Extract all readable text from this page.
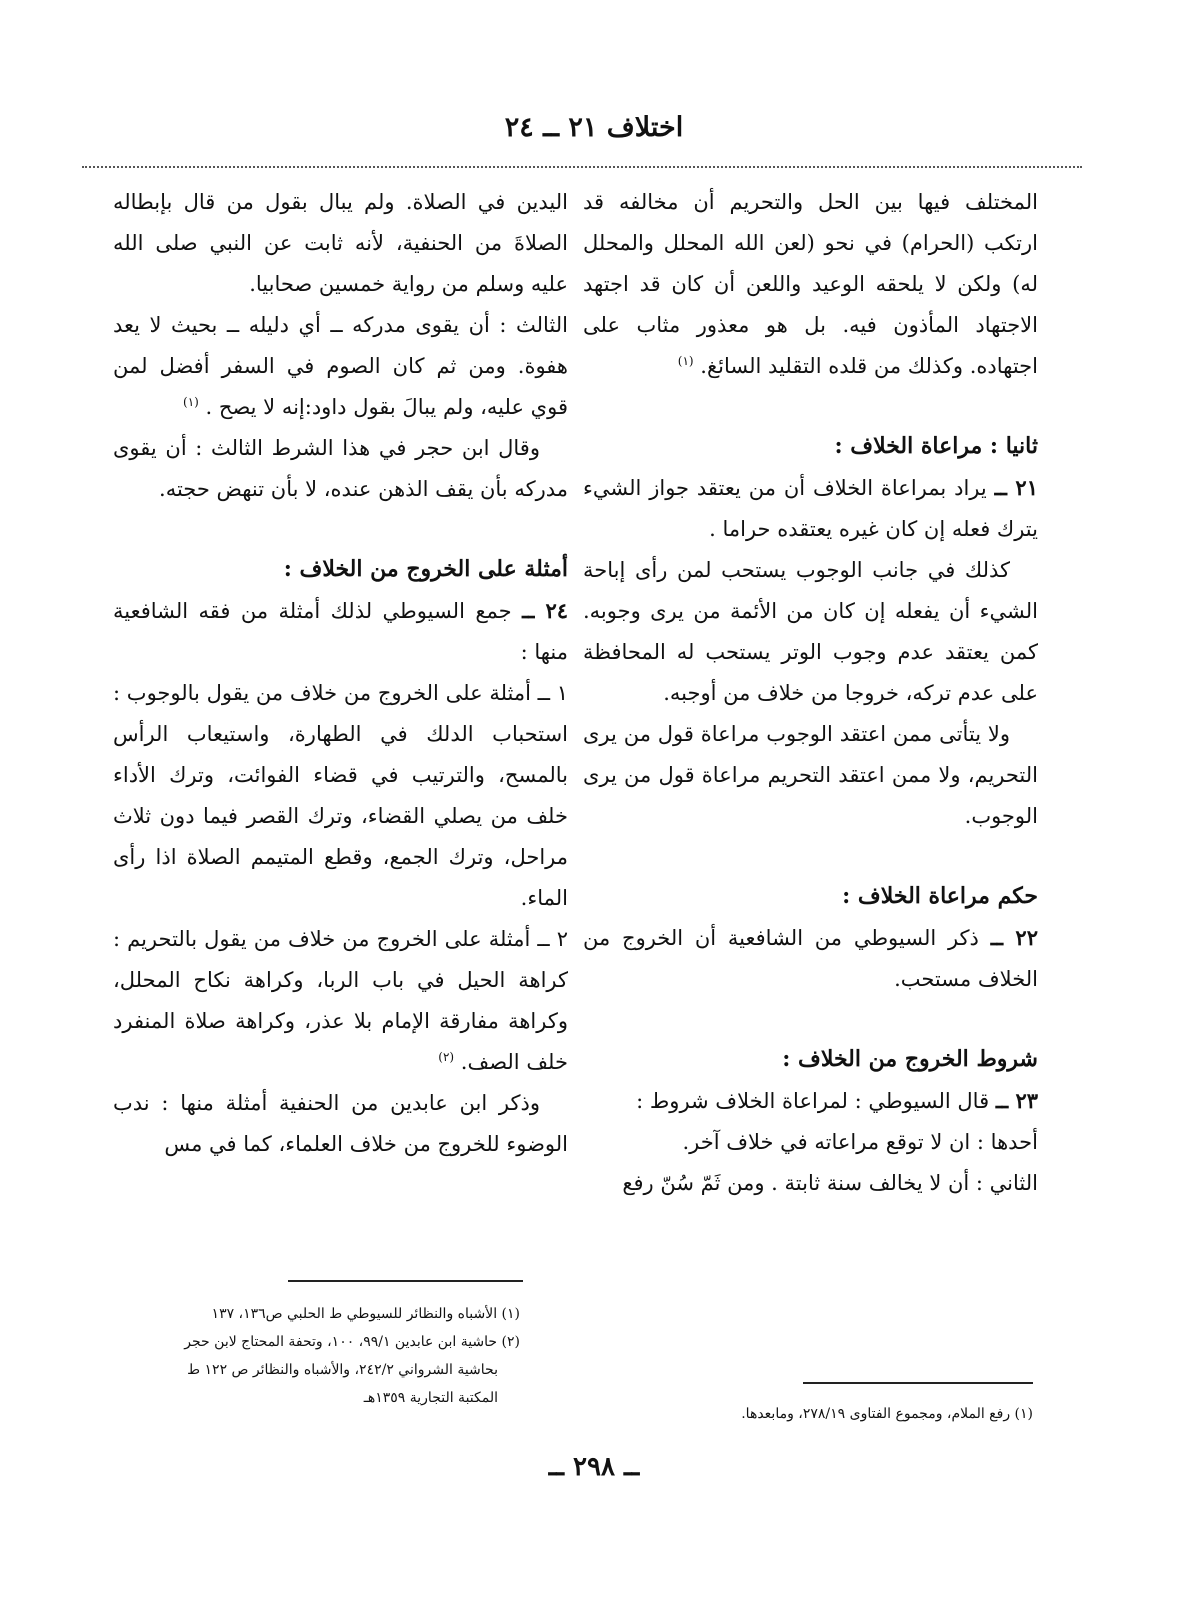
اختلاف ٢١ ــ ٢٤

المختلف فيها بين الحل والتحريم أن مخالفه قد ارتكب (الحرام) في نحو (لعن الله المحلل والمحلل له) ولكن لا يلحقه الوعيد واللعن أن كان قد اجتهد الاجتهاد المأذون فيه. بل هو معذور مثاب على اجتهاده. وكذلك من قلده التقليد السائغ. $^{(١)}$

ثانيا : مراعاة الخلاف :

٢١ ــ يراد بمراعاة الخلاف أن من يعتقد جواز الشيء يترك فعله إن كان غيره يعتقده حراما .

كذلك في جانب الوجوب يستحب لمن رأى إباحة الشيء أن يفعله إن كان من الأئمة من يرى وجوبه. كمن يعتقد عدم وجوب الوتر يستحب له المحافظة على عدم تركه، خروجا من خلاف من أوجبه.

ولا يتأتى ممن اعتقد الوجوب مراعاة قول من يرى التحريم، ولا ممن اعتقد التحريم مراعاة قول من يرى الوجوب.

حكم مراعاة الخلاف :

٢٢ ــ ذكر السيوطي من الشافعية أن الخروج من الخلاف مستحب.

شروط الخروج من الخلاف :

٢٣ ــ قال السيوطي : لمراعاة الخلاف شروط :

أحدها : ان لا توقع مراعاته في خلاف آخر.

الثاني : أن لا يخالف سنة ثابتة . ومن ثَمّ سُنّ رفع

اليدين في الصلاة. ولم يبال بقول من قال بإبطاله الصلاةَ من الحنفية، لأنه ثابت عن النبي صلى الله عليه وسلم من رواية خمسين صحابيا.

الثالث : أن يقوى مدركه ــ أي دليله ــ بحيث لا يعد هفوة. ومن ثم كان الصوم في السفر أفضل لمن قوي عليه، ولم يبالَ بقول داود:إنه لا يصح . $^{(١)}$

وقال ابن حجر في هذا الشرط الثالث : أن يقوى مدركه بأن يقف الذهن عنده، لا بأن تنهض حجته.

أمثلة على الخروج من الخلاف :

٢٤ ــ جمع السيوطي لذلك أمثلة من فقه الشافعية منها :

١ ــ أمثلة على الخروج من خلاف من يقول بالوجوب : استحباب الدلك في الطهارة، واستيعاب الرأس بالمسح، والترتيب في قضاء الفوائت، وترك الأداء خلف من يصلي القضاء، وترك القصر فيما دون ثلاث مراحل، وترك الجمع، وقطع المتيمم الصلاة اذا رأى الماء.

٢ ــ أمثلة على الخروج من خلاف من يقول بالتحريم : كراهة الحيل في باب الربا، وكراهة نكاح المحلل، وكراهة مفارقة الإمام بلا عذر، وكراهة صلاة المنفرد خلف الصف. $^{(٢)}$

وذكر ابن عابدين من الحنفية أمثلة منها : ندب الوضوء للخروج من خلاف العلماء، كما في مس

(١) الأشباه والنظائر للسيوطي ط الحلبي ص١٣٦، ١٣٧

(٢) حاشية ابن عابدين ٩٩/١، ١٠٠، وتحفة المحتاج لابن حجر

بحاشية الشرواني ٢٤٢/٢، والأشباه والنظائر ص ١٢٢ ط

المكتبة التجارية ١٣٥٩هـ

(١) رفع الملام، ومجموع الفتاوى ٢٧٨/١٩، ومابعدها.

ــ ٢٩٨ ــ
